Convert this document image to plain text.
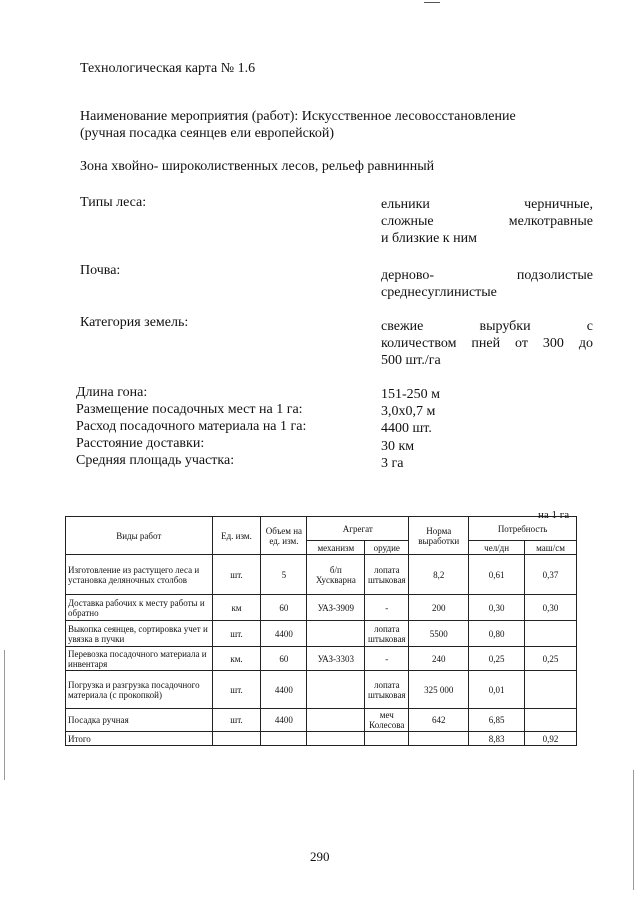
Технологическая карта № 1.6
Наименование мероприятия (работ): Искусственное лесовосстановление
(ручная посадка сеянцев ели европейской)
Зона хвойно- широколиственных лесов, рельеф равнинный
Типы леса:	ельники черничные,
сложные мелкотравные
и близкие к ним
Почва:	дерново- подзолистые
среднесуглинистые
Категория земель:	свежие вырубки с
количеством пней от 300 до
500 шт./га
Длина гона:	151-250 м
Размещение посадочных мест на 1 га:	3,0х0,7 м
Расход посадочного материала на 1 га:	4400 шт.
Расстояние доставки:	30 км
Средняя площадь участка:	3 га
на 1 га
Виды работ	Ед. изм.	Объем на ед. изм.	Агрегат		Норма выработки	Потребность	
			механизм	орудие		чел/дн	маш/см
Изготовление из растущего леса и установка деляночных столбов	шт.	5	б/п Хускварна	лопата штыковая	8,2	0,61	0,37
Доставка рабочих к месту работы и обратно	км	60	УАЗ-3909	-	200	0,30	0,30
Выкопка сеянцев, сортировка учет и увязка в пучки	шт.	4400		лопата штыковая	5500	0,80	
Перевозка посадочного материала и инвентаря	км.	60	УАЗ-3303	-	240	0,25	0,25
Погрузка и разгрузка посадочного материала (с прокопкой)	шт.	4400		лопата штыковая	325 000	0,01	
Посадка ручная	шт.	4400		меч Колесова	642	6,85	
Итого						8,83	0,92
290
